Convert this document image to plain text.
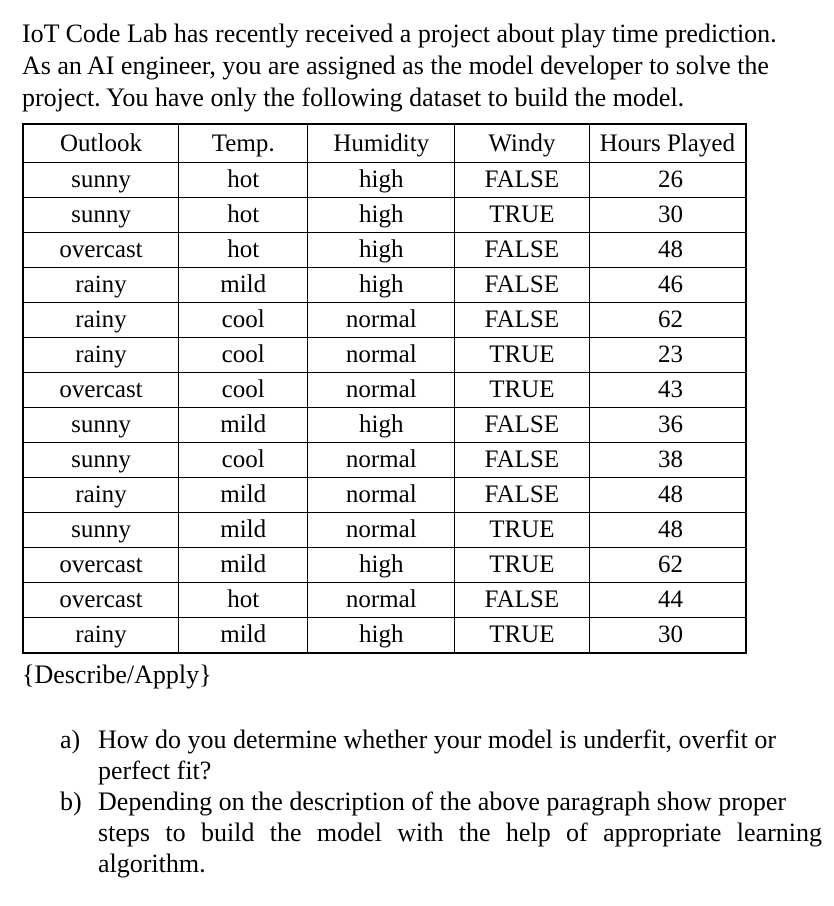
IoT Code Lab has recently received a project about play time prediction.
As an AI engineer, you are assigned as the model developer to solve the
project. You have only the following dataset to build the model.
Outlook	Temp.	Humidity	Windy	Hours Played
sunny	hot	high	FALSE	26
sunny	hot	high	TRUE	30
overcast	hot	high	FALSE	48
rainy	mild	high	FALSE	46
rainy	cool	normal	FALSE	62
rainy	cool	normal	TRUE	23
overcast	cool	normal	TRUE	43
sunny	mild	high	FALSE	36
sunny	cool	normal	FALSE	38
rainy	mild	normal	FALSE	48
sunny	mild	normal	TRUE	48
overcast	mild	high	TRUE	62
overcast	hot	normal	FALSE	44
rainy	mild	high	TRUE	30

{Describe/Apply}

a) How do you determine whether your model is underfit, overfit or
perfect fit?
b) Depending on the description of the above paragraph show proper
steps to build the model with the help of appropriate learning
algorithm.
